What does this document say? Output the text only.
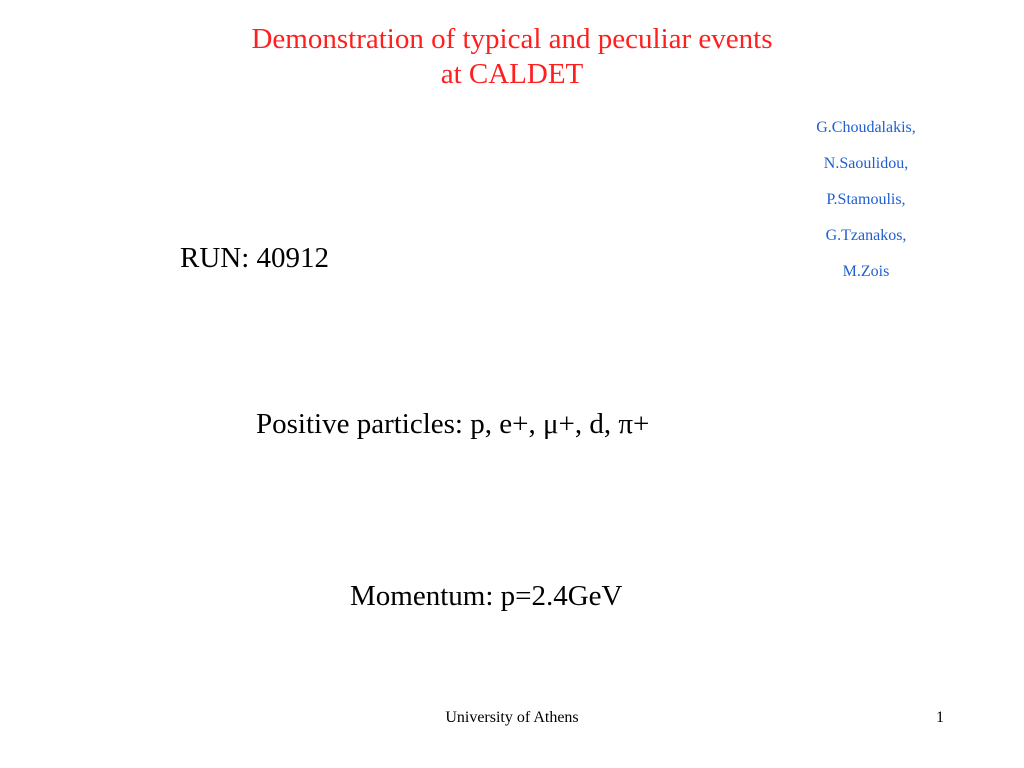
Demonstration of typical and peculiar events
at CALDET
G.Choudalakis,
N.Saoulidou,
P.Stamoulis,
G.Tzanakos,
M.Zois
RUN: 40912
Positive particles: p, e+, μ+, d, π+
Momentum: p=2.4GeV
University of Athens	1
